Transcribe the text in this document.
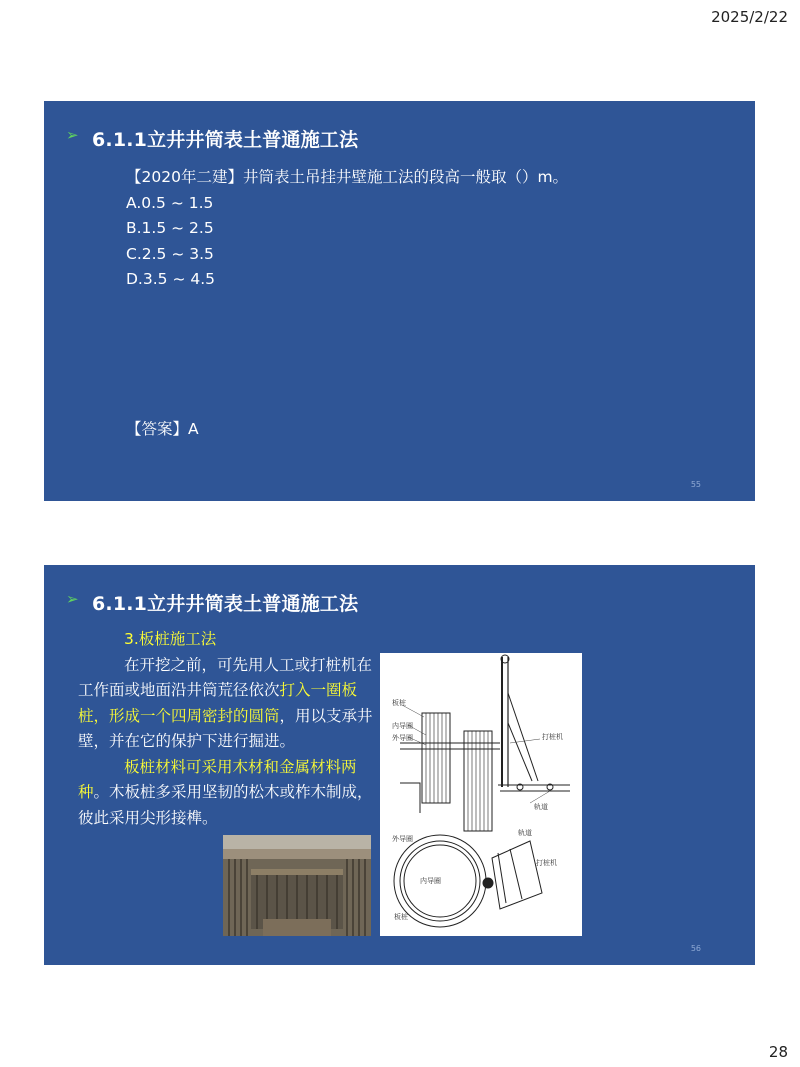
2025/2/22
➢ 6.1.1立井井筒表土普通施工法
【2020年二建】井筒表土吊挂井壁施工法的段高一般取（）m。
A.0.5 ~ 1.5
B.1.5 ~ 2.5
C.2.5 ~ 3.5
D.3.5 ~ 4.5
【答案】A
55
➢ 6.1.1立井井筒表土普通施工法
3.板桩施工法
在开挖之前，可先用人工或打桩机在工作面或地面沿井筒荒径依次打入一圈板桩，形成一个四周密封的圆筒，用以支承井壁，并在它的保护下进行掘进。
板桩材料可采用木材和金属材料两种。木板桩多采用坚韧的松木或柞木制成，彼此采用尖形接榫。
板桩
内导圈
外导圈	打桩机
轨道
外导圈
内导圈
板桩
轨道
打桩机
56
28
